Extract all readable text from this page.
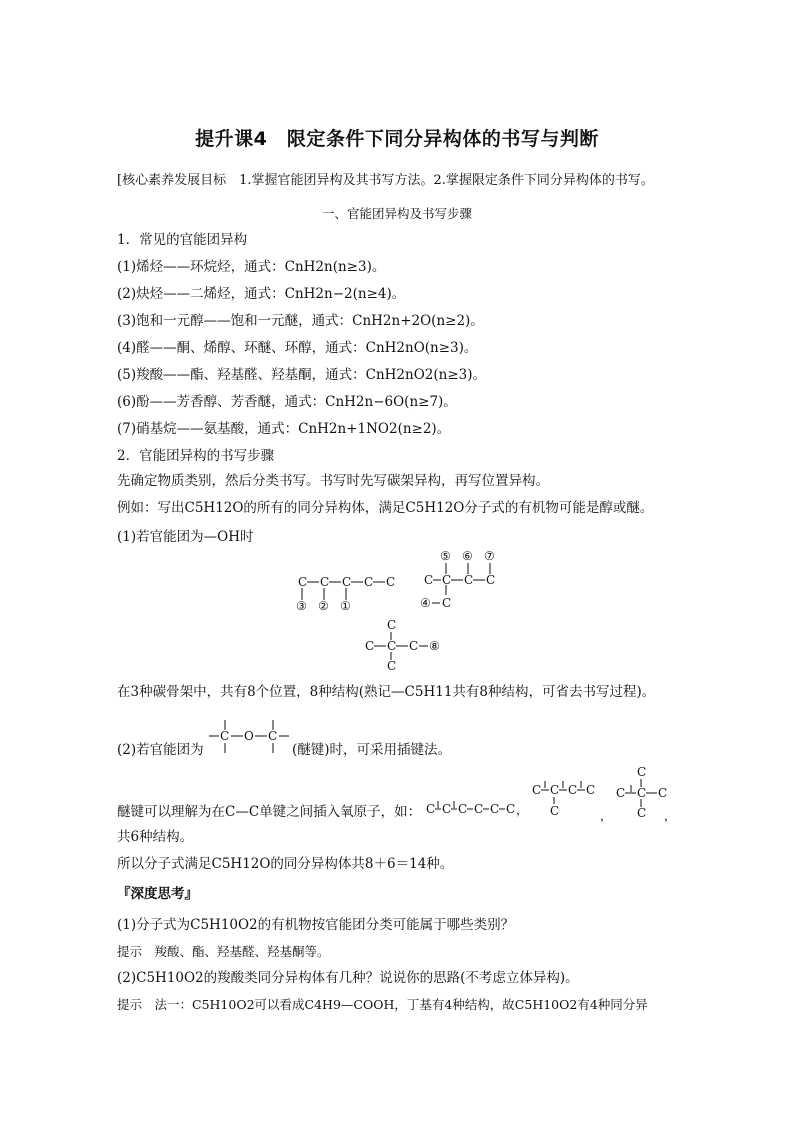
提升课4　限定条件下同分异构体的书写与判断
[核心素养发展目标　1.掌握官能团异构及其书写方法。2.掌握限定条件下同分异构体的书写。
一、官能团异构及书写步骤
1．常见的官能团异构
(1)烯烃——环烷烃，通式：CnH2n(n≥3)。
(2)炔烃——二烯烃，通式：CnH2n−2(n≥4)。
(3)饱和一元醇——饱和一元醚，通式：CnH2n+2O(n≥2)。
(4)醛——酮、烯醇、环醚、环醇，通式：CnH2nO(n≥3)。
(5)羧酸——酯、羟基醛、羟基酮，通式：CnH2nO2(n≥3)。
(6)酚——芳香醇、芳香醚，通式：CnH2n−6O(n≥7)。
(7)硝基烷——氨基酸，通式：CnH2n+1NO2(n≥2)。
2．官能团异构的书写步骤
先确定物质类别，然后分类书写。书写时先写碳架异构，再写位置异构。
例如：写出C5H12O的所有的同分异构体，满足C5H12O分子式的有机物可能是醇或醚。
(1)若官能团为—OH时
C C C C C
③ ② ①
⑤ ⑥ ⑦
C C C C
④ C
C
C C C ⑧
C
在3种碳骨架中，共有8个位置，8种结构(熟记—C5H11共有8种结构，可省去书写过程)。
(2)若官能团为
C O C
(醚键)时，可采用插键法。
醚键可以理解为在C—C单键之间插入氧原子，如： C C C C C C ，
C C C C
C	，
C
C C C
C ，
共6种结构。
所以分子式满足C5H12O的同分异构体共8＋6＝14种。
『深度思考』
(1)分子式为C5H10O2的有机物按官能团分类可能属于哪些类别？
提示　羧酸、酯、羟基醛、羟基酮等。
(2)C5H10O2的羧酸类同分异构体有几种？说说你的思路(不考虑立体异构)。
提示　法一：C5H10O2可以看成C4H9—COOH，丁基有4种结构，故C5H10O2有4种同分异
